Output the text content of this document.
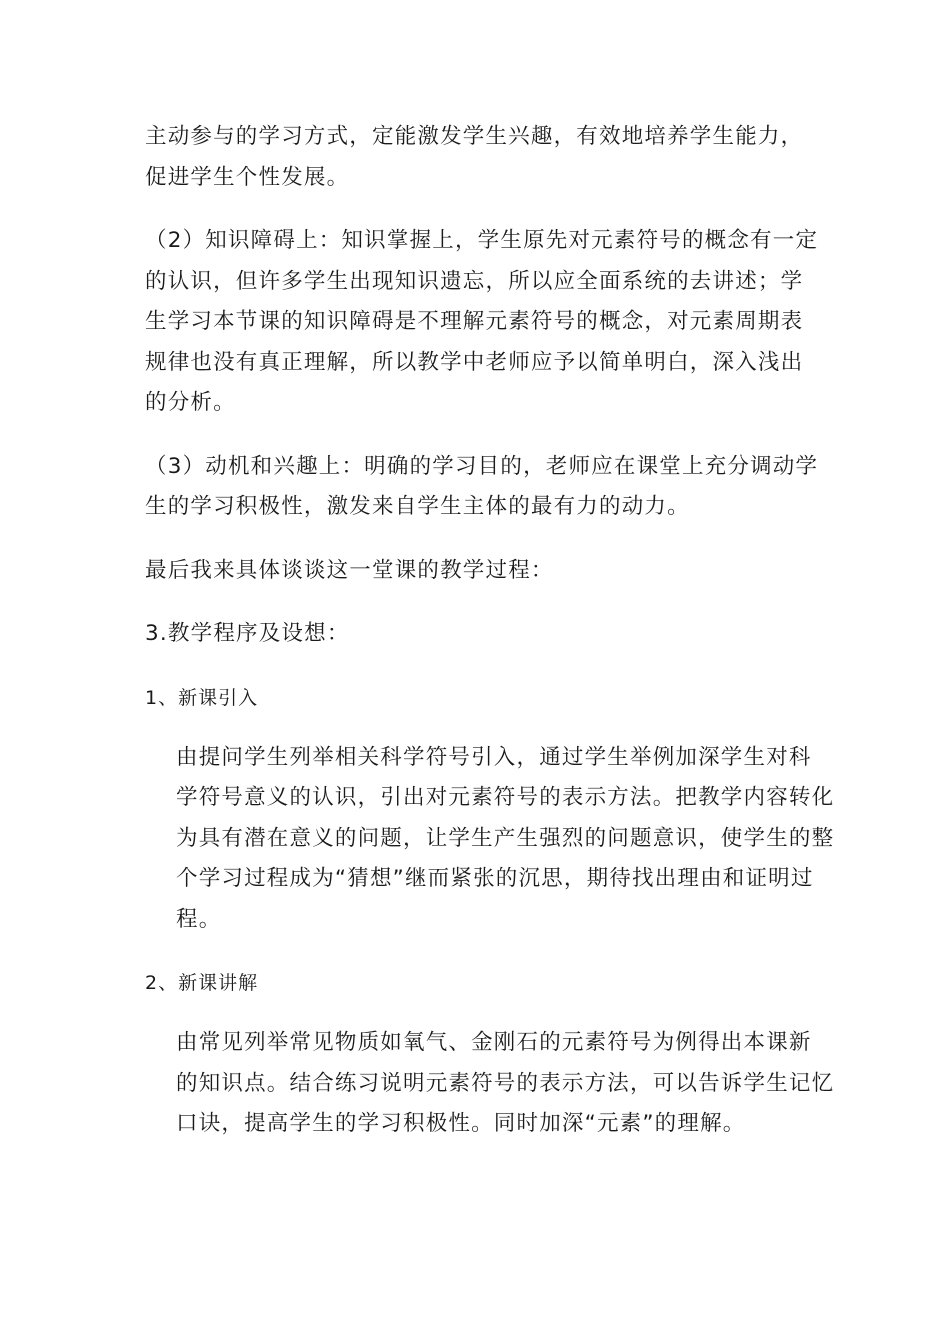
主动参与的学习方式，定能激发学生兴趣，有效地培养学生能力，
促进学生个性发展。

（2）知识障碍上：知识掌握上，学生原先对元素符号的概念有一定
的认识，但许多学生出现知识遗忘，所以应全面系统的去讲述；学
生学习本节课的知识障碍是不理解元素符号的概念，对元素周期表
规律也没有真正理解，所以教学中老师应予以简单明白，深入浅出
的分析。

（3）动机和兴趣上：明确的学习目的，老师应在课堂上充分调动学
生的学习积极性，激发来自学生主体的最有力的动力。

最后我来具体谈谈这一堂课的教学过程：

3.教学程序及设想：

1、新课引入

由提问学生列举相关科学符号引入，通过学生举例加深学生对科
学符号意义的认识，引出对元素符号的表示方法。把教学内容转化
为具有潜在意义的问题，让学生产生强烈的问题意识，使学生的整
个学习过程成为“猜想”继而紧张的沉思，期待找出理由和证明过
程。

2、新课讲解

由常见列举常见物质如氧气、金刚石的元素符号为例得出本课新
的知识点。结合练习说明元素符号的表示方法，可以告诉学生记忆
口诀，提高学生的学习积极性。同时加深“元素”的理解。
